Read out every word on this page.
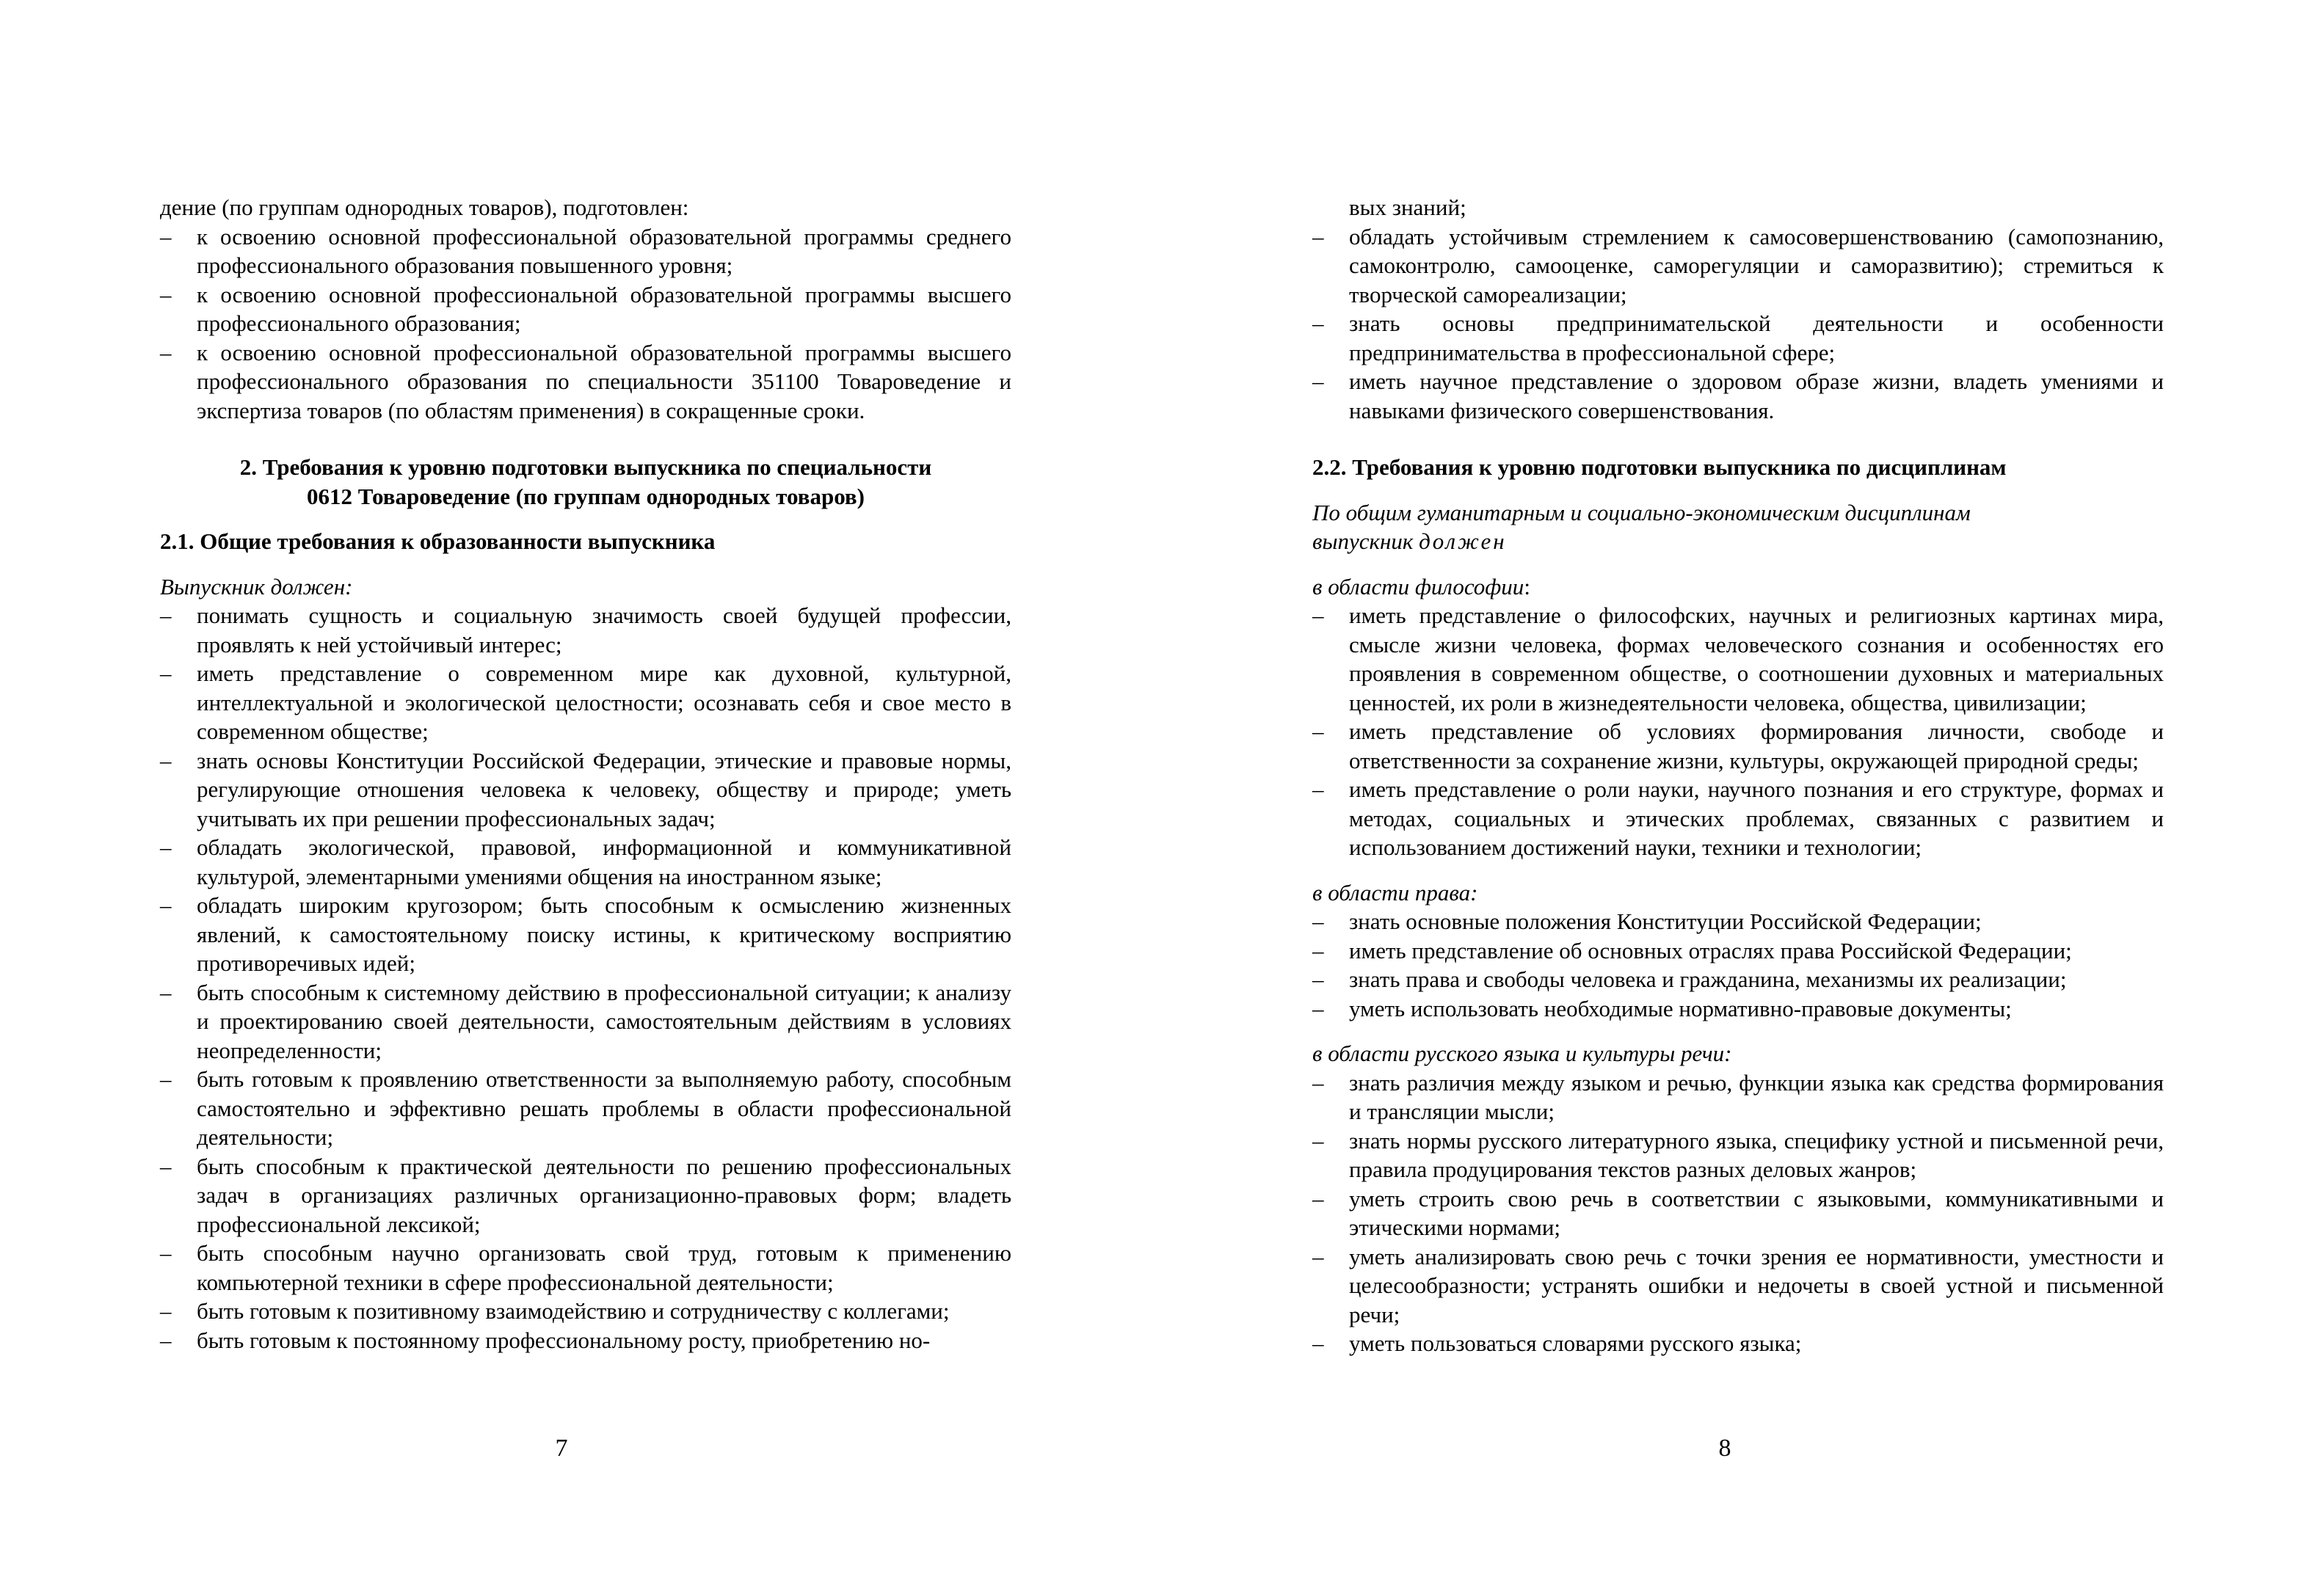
дение (по группам однородных товаров), подготовлен:

– к освоению основной профессиональной образовательной программы среднего профессионального образования повышенного уровня;
– к освоению основной профессиональной образовательной программы высшего профессионального образования;
– к освоению основной профессиональной образовательной программы высшего профессионального образования по специальности 351100 Товароведение и экспертиза товаров (по областям применения) в сокращенные сроки.
2. Требования к уровню подготовки выпускника по специальности
0612 Товароведение (по группам однородных товаров)

2.1. Общие требования к образованности выпускника

Выпускник должен:

– понимать сущность и социальную значимость своей будущей профессии, проявлять к ней устойчивый интерес;
– иметь представление о современном мире как духовной, культурной, интеллектуальной и экологической целостности; осознавать себя и свое место в современном обществе;
– знать основы Конституции Российской Федерации, этические и правовые нормы, регулирующие отношения человека к человеку, обществу и природе; уметь учитывать их при решении профессиональных задач;
– обладать экологической, правовой, информационной и коммуникативной культурой, элементарными умениями общения на иностранном языке;
– обладать широким кругозором; быть способным к осмыслению жизненных явлений, к самостоятельному поиску истины, к критическому восприятию противоречивых идей;
– быть способным к системному действию в профессиональной ситуации; к анализу и проектированию своей деятельности, самостоятельным действиям в условиях неопределенности;
– быть готовым к проявлению ответственности за выполняемую работу, способным самостоятельно и эффективно решать проблемы в области профессиональной деятельности;
– быть способным к практической деятельности по решению профессиональных задач в организациях различных организационно-правовых форм; владеть профессиональной лексикой;
– быть способным научно организовать свой труд, готовым к применению компьютерной техники в сфере профессиональной деятельности;
– быть готовым к позитивному взаимодействию и сотрудничеству с коллегами;
– быть готовым к постоянному профессиональному росту, приобретению но-
7

вых знаний;

– обладать устойчивым стремлением к самосовершенствованию (самопознанию, самоконтролю, самооценке, саморегуляции и саморазвитию); стремиться к творческой самореализации;
– знать основы предпринимательской деятельности и особенности предпринимательства в профессиональной сфере;
– иметь научное представление о здоровом образе жизни, владеть умениями и навыками физического совершенствования.

2.2. Требования к уровню подготовки выпускника по дисциплинам

По общим гуманитарным и социально-экономическим дисциплинам
выпускник должен

в области философии:

– иметь представление о философских, научных и религиозных картинах мира, смысле жизни человека, формах человеческого сознания и особенностях его проявления в современном обществе, о соотношении духовных и материальных ценностей, их роли в жизнедеятельности человека, общества, цивилизации;
– иметь представление об условиях формирования личности, свободе и ответственности за сохранение жизни, культуры, окружающей природной среды;
– иметь представление о роли науки, научного познания и его структуре, формах и методах, социальных и этических проблемах, связанных с развитием и использованием достижений науки, техники и технологии;

в области права:

– знать основные положения Конституции Российской Федерации;
– иметь представление об основных отраслях права Российской Федерации;
– знать права и свободы человека и гражданина, механизмы их реализации;
– уметь использовать необходимые нормативно-правовые документы;

в области русского языка и культуры речи:

– знать различия между языком и речью, функции языка как средства формирования и трансляции мысли;
– знать нормы русского литературного языка, специфику устной и письменной речи, правила продуцирования текстов разных деловых жанров;
– уметь строить свою речь в соответствии с языковыми, коммуникативными и этическими нормами;
– уметь анализировать свою речь с точки зрения ее нормативности, уместности и целесообразности; устранять ошибки и недочеты в своей устной и письменной речи;
– уметь пользоваться словарями русского языка;
8
